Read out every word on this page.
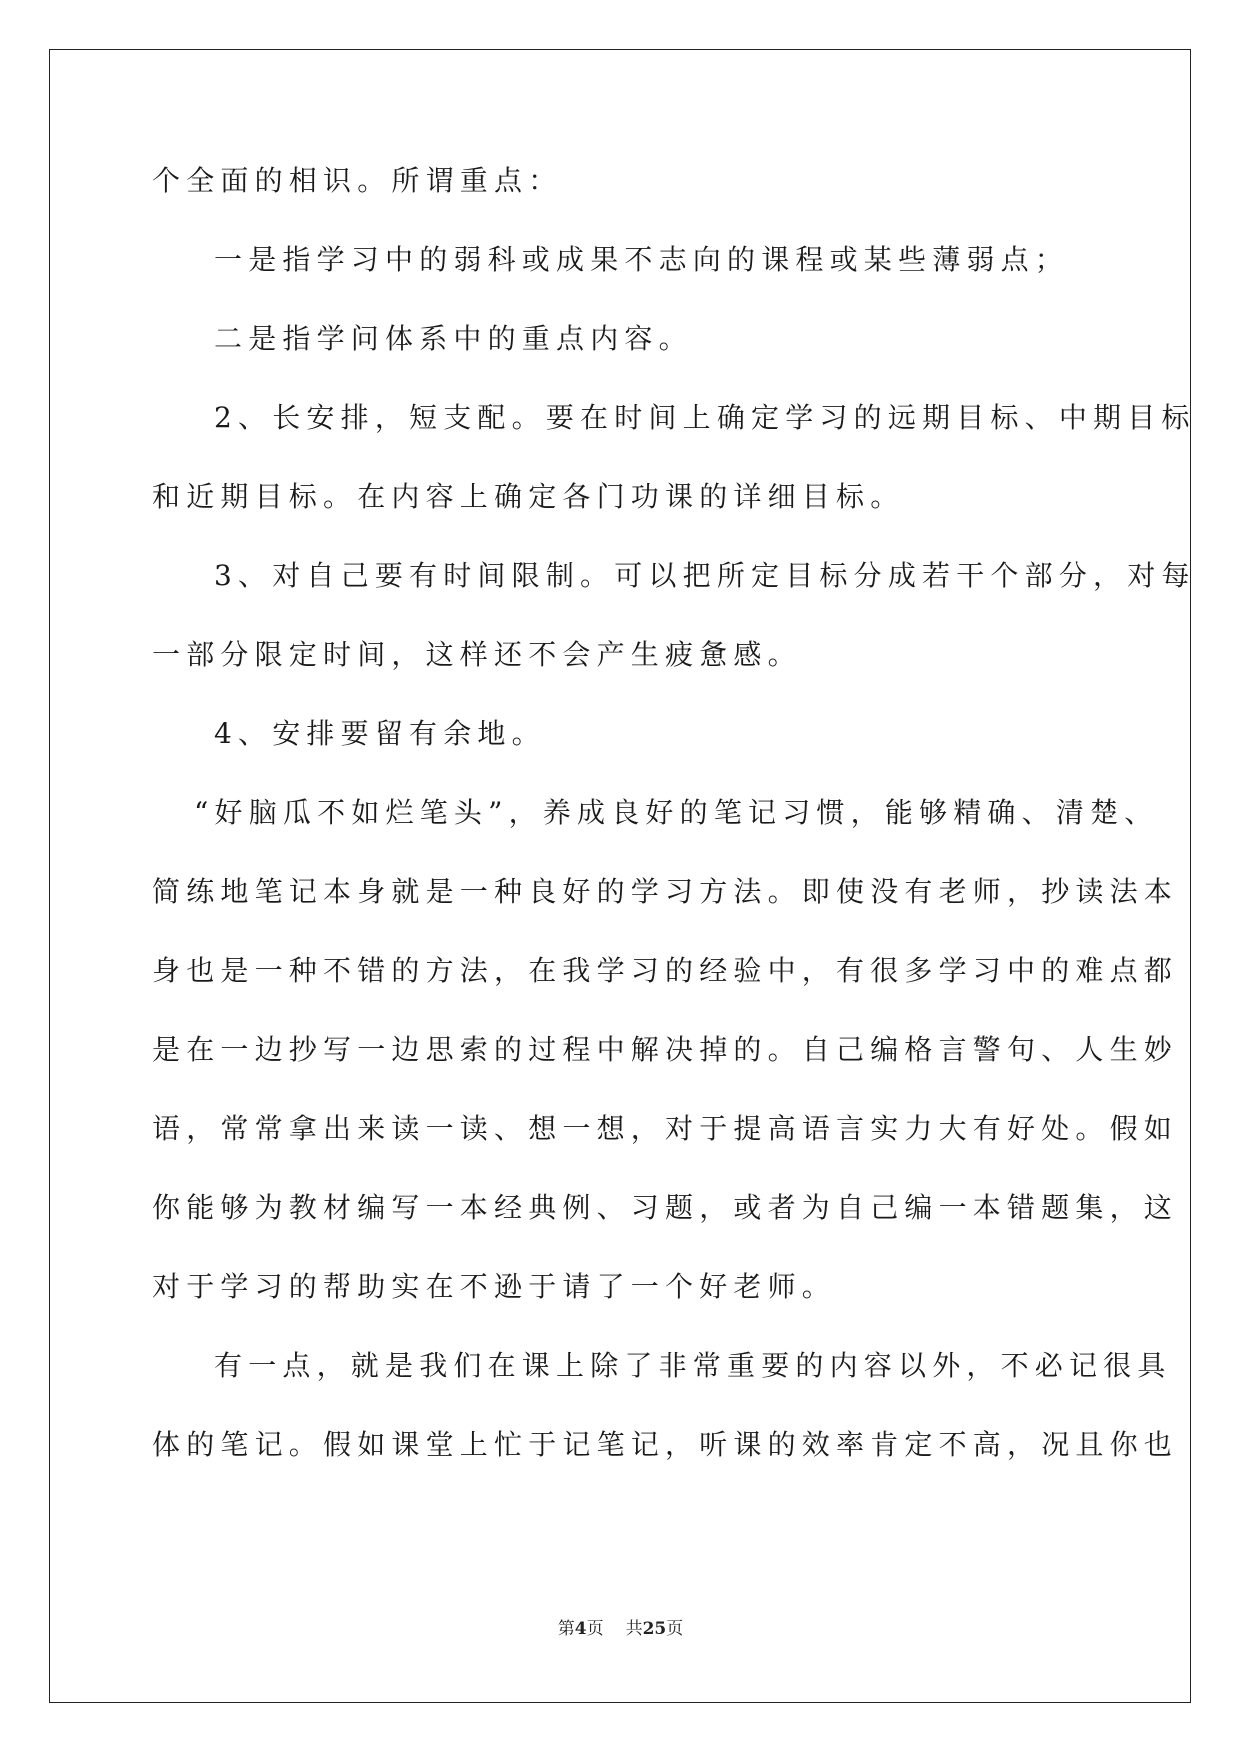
个全面的相识。所谓重点：

一是指学习中的弱科或成果不志向的课程或某些薄弱点；

二是指学问体系中的重点内容。

2、长安排，短支配。要在时间上确定学习的远期目标、中期目标

和近期目标。在内容上确定各门功课的详细目标。

3、对自己要有时间限制。可以把所定目标分成若干个部分，对每

一部分限定时间，这样还不会产生疲惫感。

4、安排要留有余地。

“好脑瓜不如烂笔头”，养成良好的笔记习惯，能够精确、清楚、

简练地笔记本身就是一种良好的学习方法。即使没有老师，抄读法本

身也是一种不错的方法，在我学习的经验中，有很多学习中的难点都

是在一边抄写一边思索的过程中解决掉的。自己编格言警句、人生妙

语，常常拿出来读一读、想一想，对于提高语言实力大有好处。假如

你能够为教材编写一本经典例、习题，或者为自己编一本错题集，这

对于学习的帮助实在不逊于请了一个好老师。

有一点，就是我们在课上除了非常重要的内容以外，不必记很具

体的笔记。假如课堂上忙于记笔记，听课的效率肯定不高，况且你也

第4页 共25页
